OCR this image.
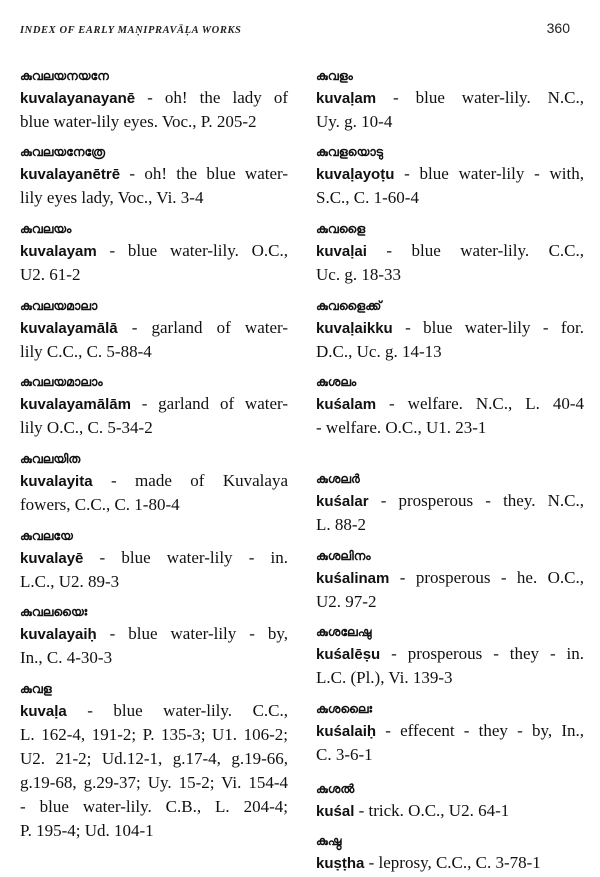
INDEX OF EARLY MAṆIPRAVĀḶA WORKS	360
കുവലയനയനേ
kuvalayanayanē - oh! the lady of
blue water-lily eyes. Voc., P. 205-2
കുവലയനേത്രേ
kuvalayanētrē - oh! the blue water-
lily eyes lady, Voc., Vi. 3-4
കുവലയം
kuvalayam - blue water-lily. O.C.,
U2. 61-2
കുവലയമാലാ
kuvalayamālā - garland of water-
lily C.C., C. 5-88-4
കുവലയമാലാം
kuvalayamālām - garland of water-
lily O.C., C. 5-34-2
കുവലയിത
kuvalayita - made of Kuvalaya
fowers, C.C., C. 1-80-4
കുവലയേ
kuvalayē - blue water-lily - in.
L.C., U2. 89-3
കുവലയൈഃ
kuvalayaiḥ - blue water-lily - by,
In., C. 4-30-3
കുവള
kuvaḷa - blue water-lily. C.C.,
L. 162-4, 191-2; P. 135-3; U1. 106-2;
U2. 21-2; Ud.12-1, g.17-4, g.19-66,
g.19-68, g.29-37; Uy. 15-2; Vi. 154-4
- blue water-lily. C.B., L. 204-4;
P. 195-4; Ud. 104-1
കുവളം
kuvaḷam - blue water-lily. N.C.,
Uy. g. 10-4
കുവളയൊടു
kuvaḷayoṭu - blue water-lily - with,
S.C., C. 1-60-4
കുവളൈ
kuvaḷai - blue water-lily. C.C.,
Uc. g. 18-33
കുവളൈക്ക്
kuvaḷaikku - blue water-lily - for.
D.C., Uc. g. 14-13
കുശലം
kuśalam - welfare. N.C., L. 40-4
- welfare. O.C., U1. 23-1
കുശലർ
kuśalar - prosperous - they. N.C.,
L. 88-2
കുശലിനം
kuśalinam - prosperous - he. O.C.,
U2. 97-2
കുശലേഷു
kuśalēṣu - prosperous - they - in.
L.C. (Pl.), Vi. 139-3
കുശലൈഃ
kuśalaiḥ - effecent - they - by, In.,
C. 3-6-1
കുശൽ
kuśal - trick. O.C., U2. 64-1
കുഷ്ഠ
kuṣṭha - leprosy, C.C., C. 3-78-1
